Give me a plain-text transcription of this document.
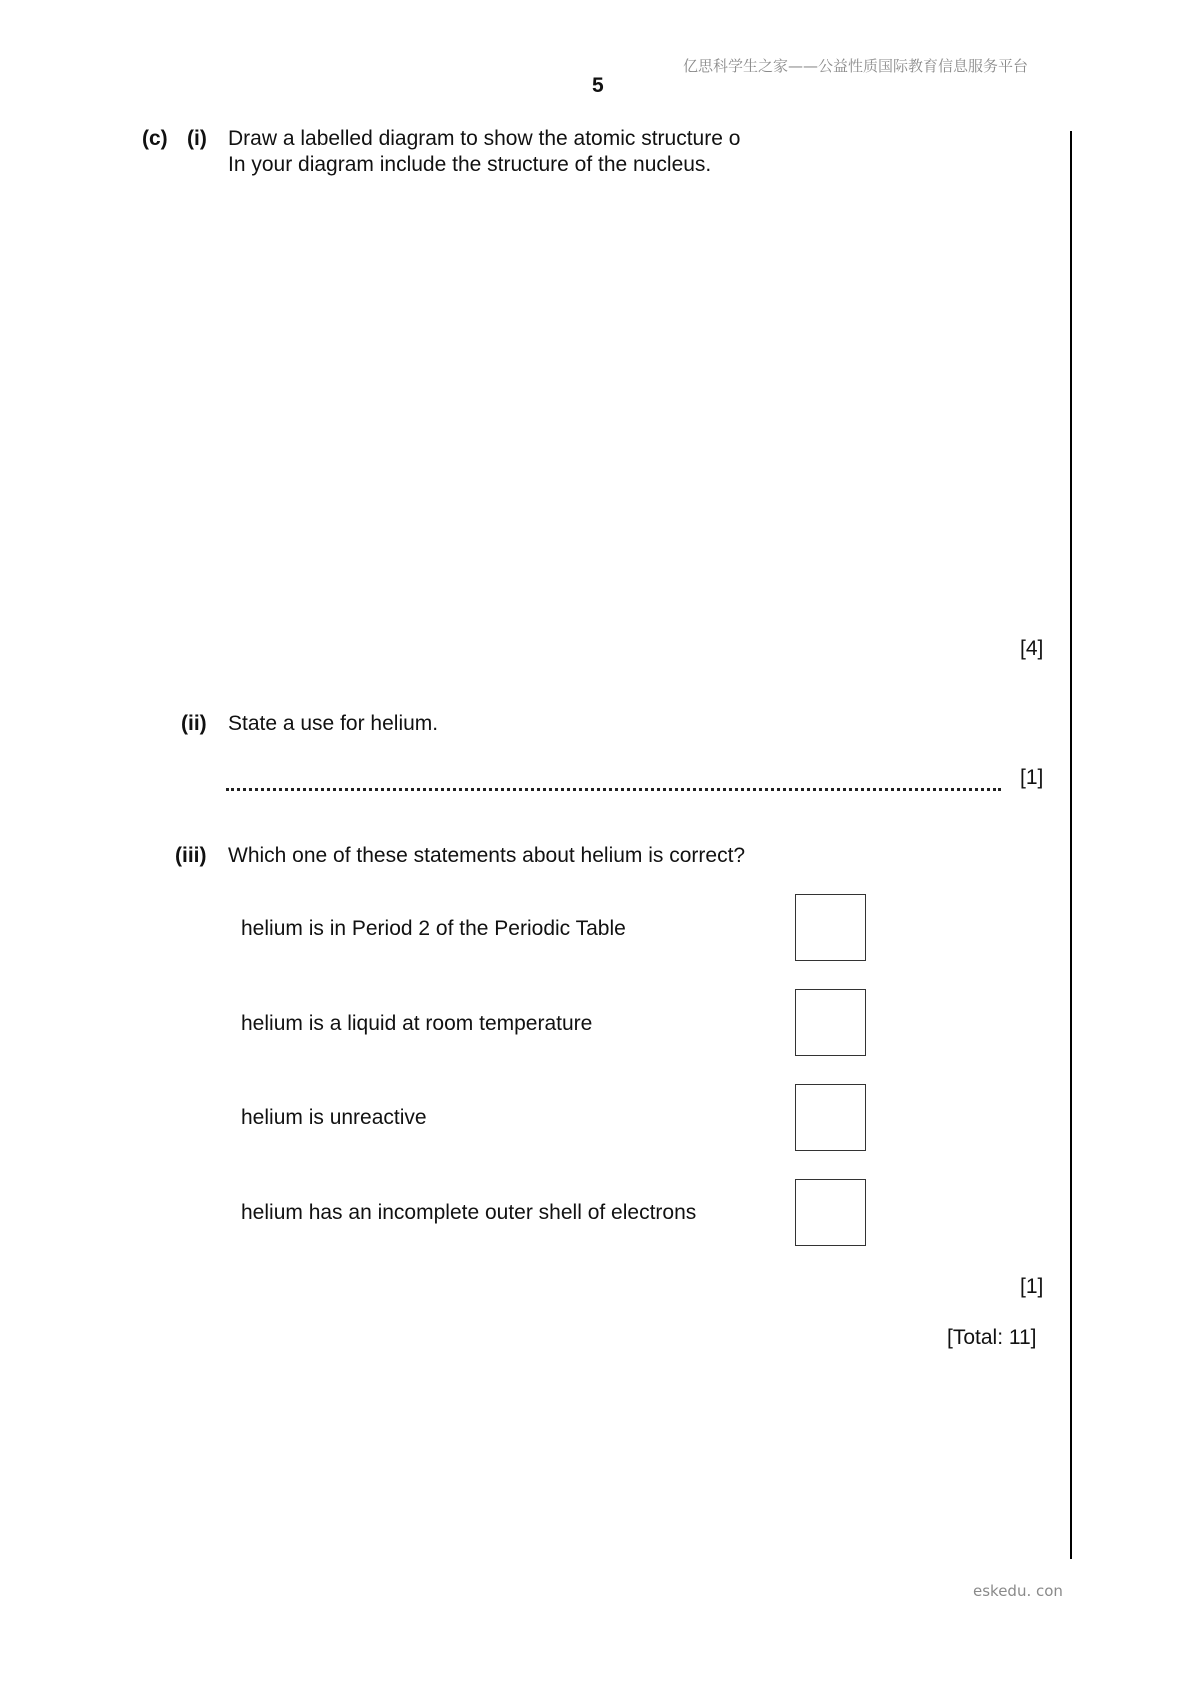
亿思科学生之家——公益性质国际教育信息服务平台
5
(c) (i) Draw a labelled diagram to show the atomic structure o
In your diagram include the structure of the nucleus.
[4]
(ii) State a use for helium.
[1]
(iii) Which one of these statements about helium is correct?
helium is in Period 2 of the Periodic Table
helium is a liquid at room temperature
helium is unreactive
helium has an incomplete outer shell of electrons
[1]
[Total: 11]
eskedu. con
